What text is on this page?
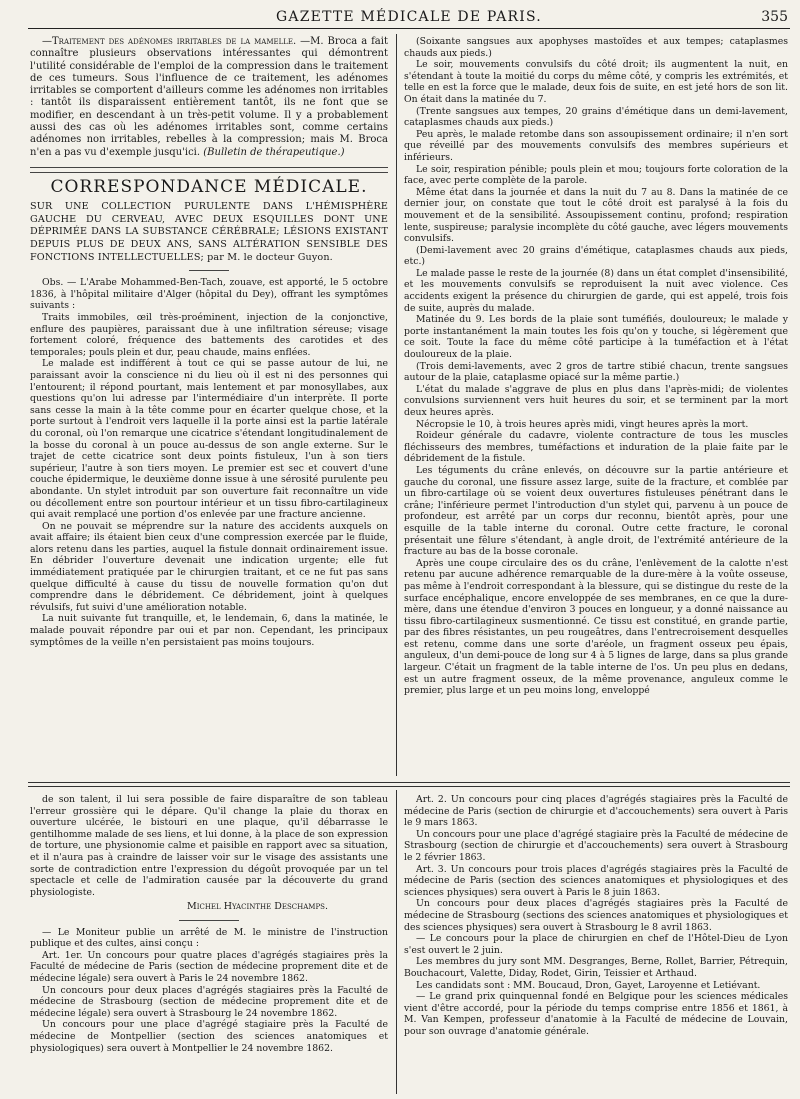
GAZETTE MÉDICALE DE PARIS.	355

—Traitement des adénomes irritables de la mamelle. —M. Broca a fait connaître plusieurs observations intéressantes qui démontrent l'utilité considérable de l'emploi de la compression dans le traitement de ces tumeurs. Sous l'influence de ce traitement, les adénomes irritables se comportent d'ailleurs comme les adénomes non irritables : tantôt ils disparaissent entièrement tantôt, ils ne font que se modifier, en descendant à un très-petit volume. Il y a probablement aussi des cas où les adénomes irritables sont, comme certains adénomes non irritables, rebelles à la compression; mais M. Broca n'en a pas vu d'exemple jusqu'ici. (Bulletin de thérapeutique.)

CORRESPONDANCE MÉDICALE.

SUR UNE COLLECTION PURULENTE DANS L'HÉMISPHÈRE GAUCHE DU CERVEAU, AVEC DEUX ESQUILLES DONT UNE DÉPRIMÉE DANS LA SUBSTANCE CÉRÉBRALE; LÉSIONS EXISTANT DEPUIS PLUS DE DEUX ANS, SANS ALTÉRATION SENSIBLE DES FONCTIONS INTELLECTUELLES; par M. le docteur Guyon.

Obs. — L'Arabe Mohammed-Ben-Tach, zouave, est apporté, le 5 octobre 1836, à l'hôpital militaire d'Alger (hôpital du Dey), offrant les symptômes suivants :

Traits immobiles, œil très-proéminent, injection de la conjonctive, enflure des paupières, paraissant due à une infiltration séreuse; visage fortement coloré, fréquence des battements des carotides et des temporales; pouls plein et dur, peau chaude, mains enflées.

Le malade est indifférent à tout ce qui se passe autour de lui, ne paraissant avoir la conscience ni du lieu où il est ni des personnes qui l'entourent; il répond pourtant, mais lentement et par monosyllabes, aux questions qu'on lui adresse par l'intermédiaire d'un interprète. Il porte sans cesse la main à la tête comme pour en écarter quelque chose, et la porte surtout à l'endroit vers laquelle il la porte ainsi est la partie latérale du coronal, où l'on remarque une cicatrice s'étendant longitudinalement de la bosse du coronal à un pouce au-dessus de son angle externe. Sur le trajet de cette cicatrice sont deux points fistuleux, l'un à son tiers supérieur, l'autre à son tiers moyen. Le premier est sec et couvert d'une couche épidermique, le deuxième donne issue à une sérosité purulente peu abondante. Un stylet introduit par son ouverture fait reconnaître un vide ou décollement entre son pourtour intérieur et un tissu fibro-cartilagineux qui avait remplacé une portion d'os enlevée par une fracture ancienne.

On ne pouvait se méprendre sur la nature des accidents auxquels on avait affaire; ils étaient bien ceux d'une compression exercée par le fluide, alors retenu dans les parties, auquel la fistule donnait ordinairement issue. En débrider l'ouverture devenait une indication urgente; elle fut immédiatement pratiquée par le chirurgien traitant, et ce ne fut pas sans quelque difficulté à cause du tissu de nouvelle formation qu'on dut comprendre dans le débridement. Ce débridement, joint à quelques révulsifs, fut suivi d'une amélioration notable.

La nuit suivante fut tranquille, et, le lendemain, 6, dans la matinée, le malade pouvait répondre par oui et par non. Cependant, les principaux symptômes de la veille n'en persistaient pas moins toujours.

(Soixante sangsues aux apophyses mastoïdes et aux tempes; cataplasmes chauds aux pieds.)

Le soir, mouvements convulsifs du côté droit; ils augmentent la nuit, en s'étendant à toute la moitié du corps du même côté, y compris les extrémités, et telle en est la force que le malade, deux fois de suite, en est jeté hors de son lit. On était dans la matinée du 7.

(Trente sangsues aux tempes, 20 grains d'émétique dans un demi-lavement, cataplasmes chauds aux pieds.)

Peu après, le malade retombe dans son assoupissement ordinaire; il n'en sort que réveillé par des mouvements convulsifs des membres supérieurs et inférieurs.

Le soir, respiration pénible; pouls plein et mou; toujours forte coloration de la face, avec perte complète de la parole.

Même état dans la journée et dans la nuit du 7 au 8. Dans la matinée de ce dernier jour, on constate que tout le côté droit est paralysé à la fois du mouvement et de la sensibilité. Assoupissement continu, profond; respiration lente, suspireuse; paralysie incomplète du côté gauche, avec légers mouvements convulsifs.

(Demi-lavement avec 20 grains d'émétique, cataplasmes chauds aux pieds, etc.)

Le malade passe le reste de la journée (8) dans un état complet d'insensibilité, et les mouvements convulsifs se reproduisent la nuit avec violence. Ces accidents exigent la présence du chirurgien de garde, qui est appelé, trois fois de suite, auprès du malade.

Matinée du 9. Les bords de la plaie sont tuméfiés, douloureux; le malade y porte instantanément la main toutes les fois qu'on y touche, si légèrement que ce soit. Toute la face du même côté participe à la tuméfaction et à l'état douloureux de la plaie.

(Trois demi-lavements, avec 2 gros de tartre stibié chacun, trente sangsues autour de la plaie, cataplasme opiacé sur la même partie.)

L'état du malade s'aggrave de plus en plus dans l'après-midi; de violentes convulsions surviennent vers huit heures du soir, et se terminent par la mort deux heures après.

Nécropsie le 10, à trois heures après midi, vingt heures après la mort.

Roideur générale du cadavre, violente contracture de tous les muscles fléchisseurs des membres, tuméfactions et induration de la plaie faite par le débridement de la fistule.

Les téguments du crâne enlevés, on découvre sur la partie antérieure et gauche du coronal, une fissure assez large, suite de la fracture, et comblée par un fibro-cartilage où se voient deux ouvertures fistuleuses pénétrant dans le crâne; l'inférieure permet l'introduction d'un stylet qui, parvenu à un pouce de profondeur, est arrêté par un corps dur reconnu, bientôt après, pour une esquille de la table interne du coronal. Outre cette fracture, le coronal présentait une fêlure s'étendant, à angle droit, de l'extrémité antérieure de la fracture au bas de la bosse coronale.

Après une coupe circulaire des os du crâne, l'enlèvement de la calotte n'est retenu par aucune adhérence remarquable de la dure-mère à la voûte osseuse, pas même à l'endroit correspondant à la blessure, qui se distingue du reste de la surface encéphalique, encore enveloppée de ses membranes, en ce que la dure-mère, dans une étendue d'environ 3 pouces en longueur, y a donné naissance au tissu fibro-cartilagineux susmentionné. Ce tissu est constitué, en grande partie, par des fibres résistantes, un peu rougeâtres, dans l'entrecroisement desquelles est retenu, comme dans une sorte d'aréole, un fragment osseux peu épais, anguleux, d'un demi-pouce de long sur 4 à 5 lignes de large, dans sa plus grande largeur. C'était un fragment de la table interne de l'os. Un peu plus en dedans, est un autre fragment osseux, de la même provenance, anguleux comme le premier, plus large et un peu moins long, enveloppé

de son talent, il lui sera possible de faire disparaître de son tableau l'erreur grossière qui le dépare. Qu'il change la plaie du thorax en ouverture ulcérée, le bistouri en une plaque, qu'il débarrasse le gentilhomme malade de ses liens, et lui donne, à la place de son expression de torture, une physionomie calme et paisible en rapport avec sa situation, et il n'aura pas à craindre de laisser voir sur le visage des assistants une sorte de contradiction entre l'expression du dégoût provoquée par un tel spectacle et celle de l'admiration causée par la découverte du grand physiologiste.

Michel Hyacinthe Deschamps.

— Le Moniteur publie un arrêté de M. le ministre de l'instruction publique et des cultes, ainsi conçu :

Art. 1er. Un concours pour quatre places d'agrégés stagiaires près la Faculté de médecine de Paris (section de médecine proprement dite et de médecine légale) sera ouvert à Paris le 24 novembre 1862.

Un concours pour deux places d'agrégés stagiaires près la Faculté de médecine de Strasbourg (section de médecine proprement dite et de médecine légale) sera ouvert à Strasbourg le 24 novembre 1862.

Un concours pour une place d'agrégé stagiaire près la Faculté de médecine de Montpellier (section des sciences anatomiques et physiologiques) sera ouvert à Montpellier le 24 novembre 1862.

Art. 2. Un concours pour cinq places d'agrégés stagiaires près la Faculté de médecine de Paris (section de chirurgie et d'accouchements) sera ouvert à Paris le 9 mars 1863.

Un concours pour une place d'agrégé stagiaire près la Faculté de médecine de Strasbourg (section de chirurgie et d'accouchements) sera ouvert à Strasbourg le 2 février 1863.

Art. 3. Un concours pour trois places d'agrégés stagiaires près la Faculté de médecine de Paris (section des sciences anatomiques et physiologiques et des sciences physiques) sera ouvert à Paris le 8 juin 1863.

Un concours pour deux places d'agrégés stagiaires près la Faculté de médecine de Strasbourg (sections des sciences anatomiques et physiologiques et des sciences physiques) sera ouvert à Strasbourg le 8 avril 1863.

— Le concours pour la place de chirurgien en chef de l'Hôtel-Dieu de Lyon s'est ouvert le 2 juin.

Les membres du jury sont MM. Desgranges, Berne, Rollet, Barrier, Pétrequin, Bouchacourt, Valette, Diday, Rodet, Girin, Teissier et Arthaud.

Les candidats sont : MM. Boucaud, Dron, Gayet, Laroyenne et Letiévant.

— Le grand prix quinquennal fondé en Belgique pour les sciences médicales vient d'être accordé, pour la période du temps comprise entre 1856 et 1861, à M. Van Kempen, professeur d'anatomie à la Faculté de médecine de Louvain, pour son ouvrage d'anatomie générale.
